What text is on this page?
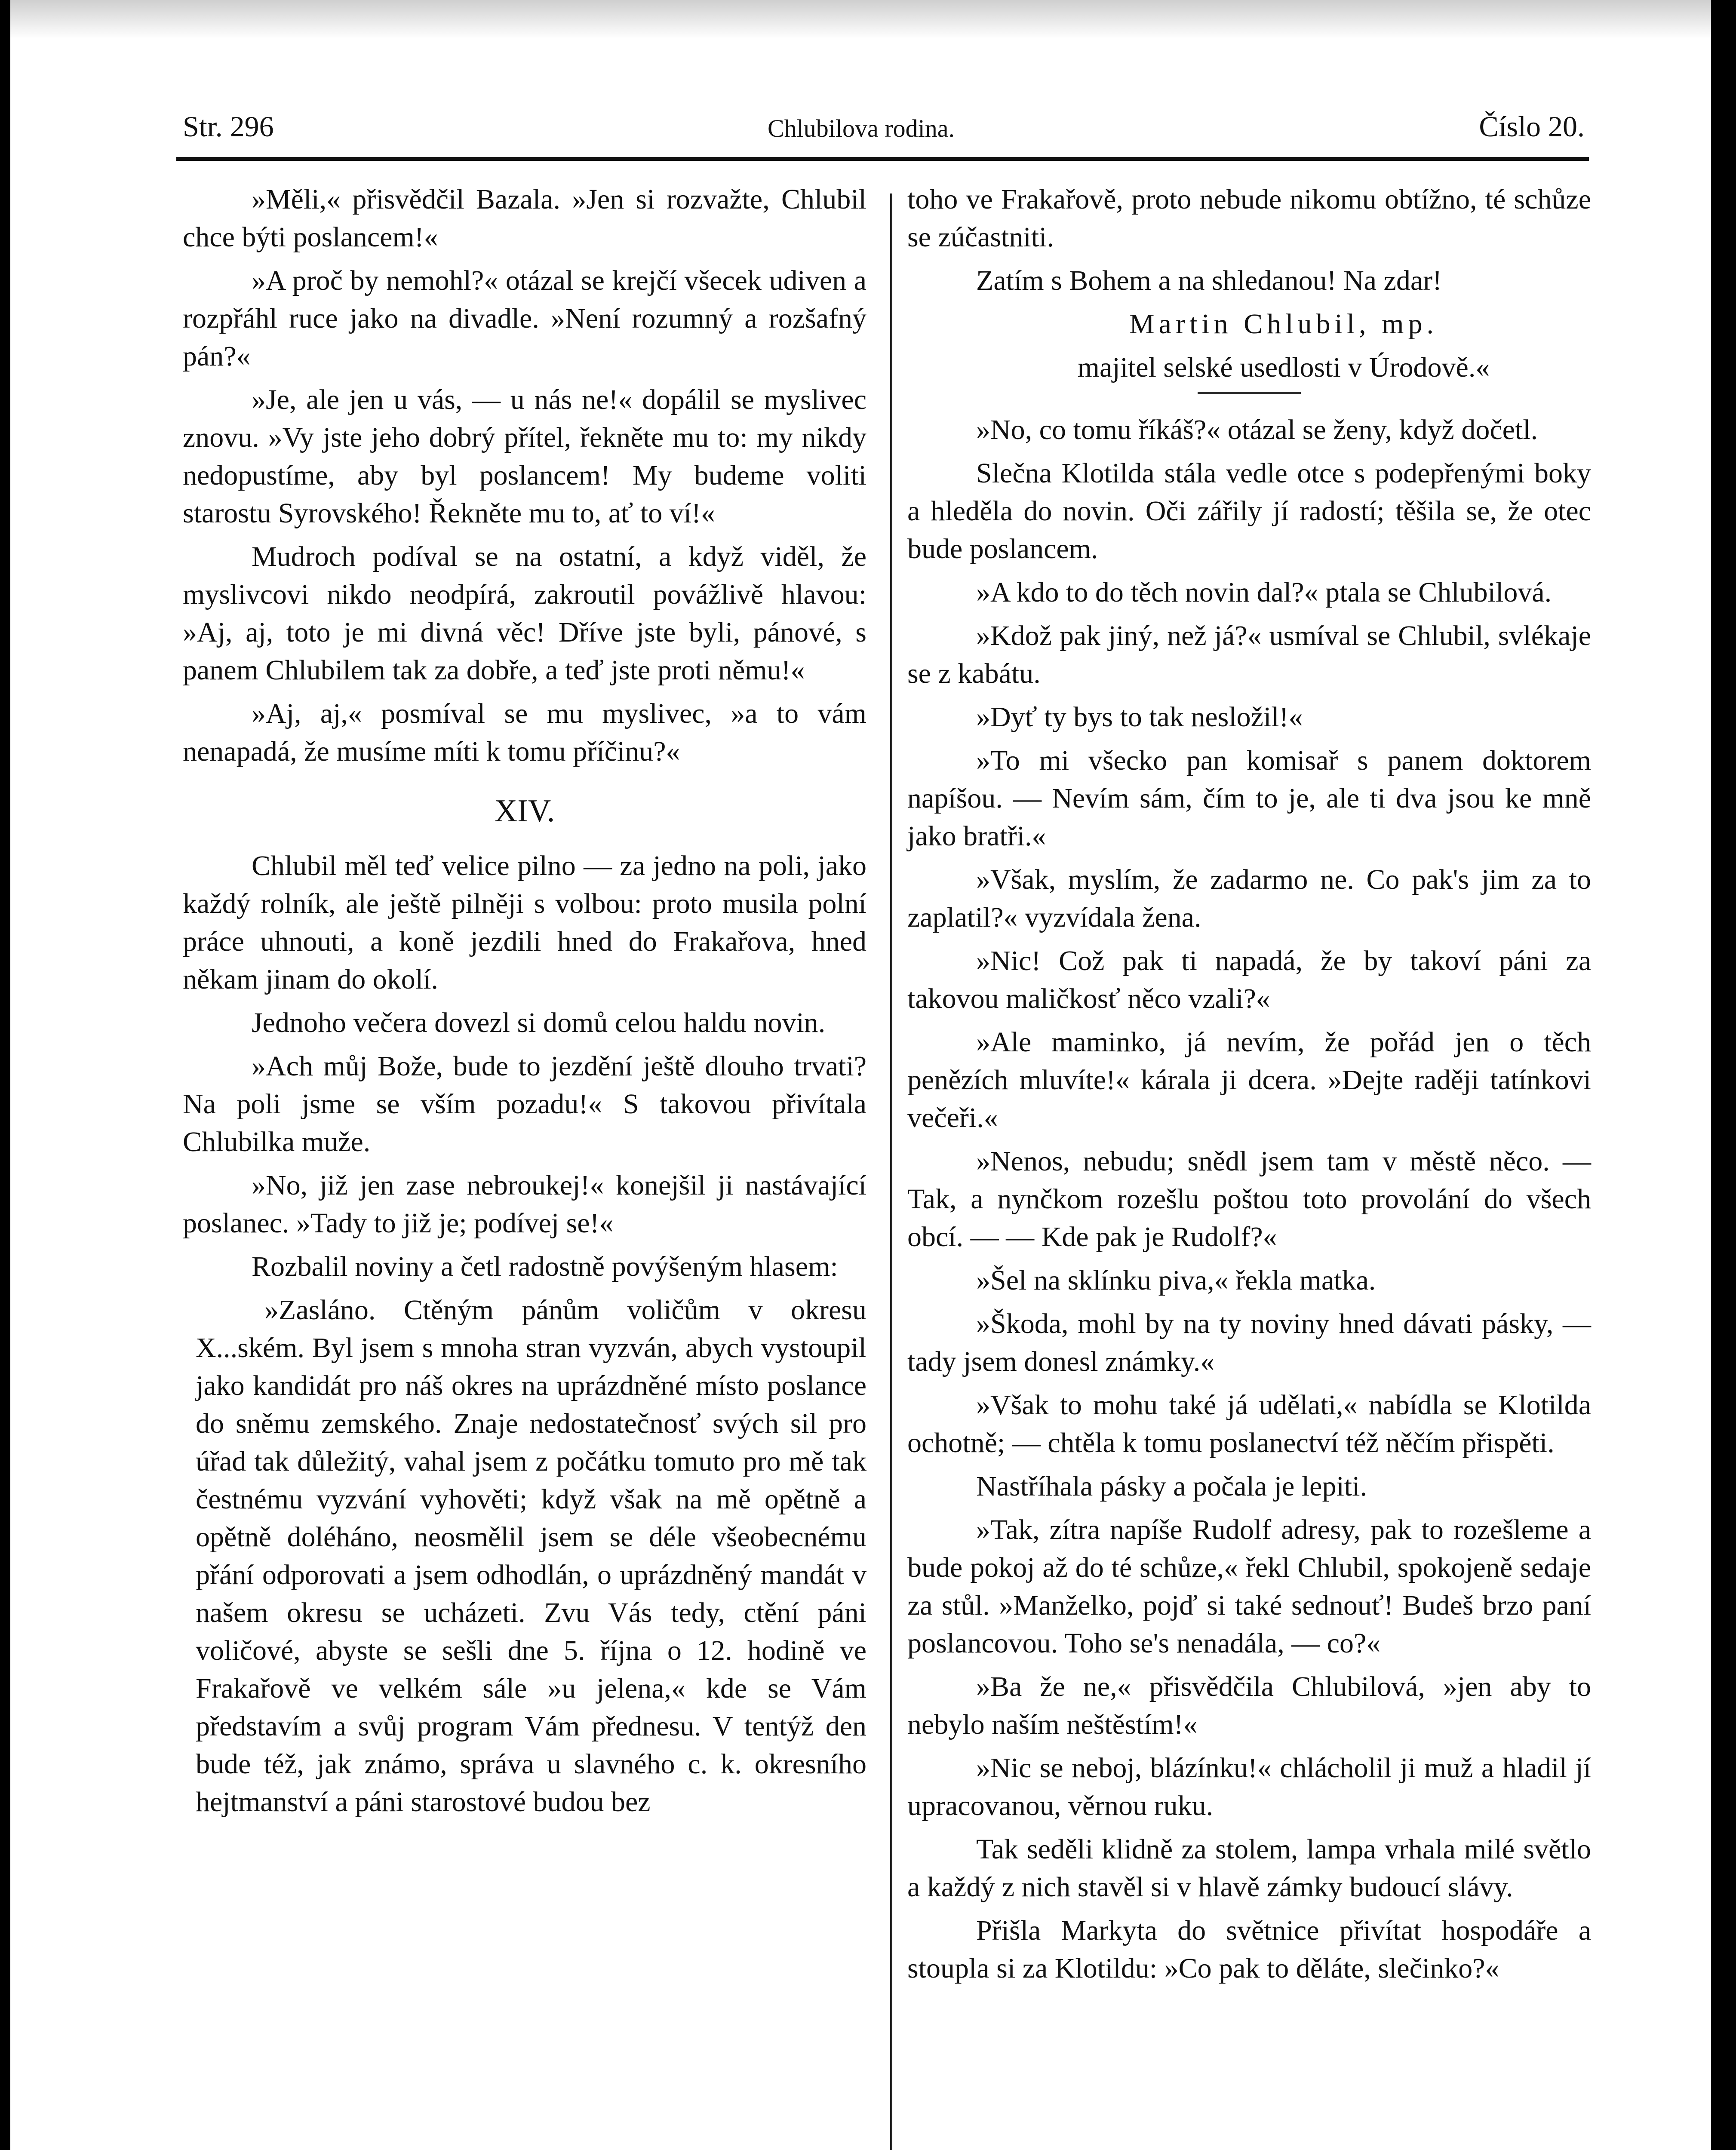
Str. 296	Chlubilova rodina.	Číslo 20.

»Měli,« přisvědčil Bazala. »Jen si rozvažte, Chlubil chce býti poslancem!«

»A proč by nemohl?« otázal se krejčí všecek udiven a rozpřáhl ruce jako na divadle. »Není rozumný a rozšafný pán?«

»Je, ale jen u vás, — u nás ne!« dopálil se myslivec znovu. »Vy jste jeho dobrý přítel, řekněte mu to: my nikdy nedopustíme, aby byl poslancem! My budeme voliti starostu Syrovského! Řekněte mu to, ať to ví!«

Mudroch podíval se na ostatní, a když viděl, že myslivcovi nikdo neodpírá, zakroutil povážlivě hlavou: »Aj, aj, toto je mi divná věc! Dříve jste byli, pánové, s panem Chlubilem tak za dobře, a teď jste proti němu!«

»Aj, aj,« posmíval se mu myslivec, »a to vám nenapadá, že musíme míti k tomu příčinu?«

XIV.

Chlubil měl teď velice pilno — za jedno na poli, jako každý rolník, ale ještě pilněji s volbou: proto musila polní práce uhnouti, a koně jezdili hned do Frakařova, hned někam jinam do okolí.

Jednoho večera dovezl si domů celou haldu novin.

»Ach můj Bože, bude to jezdění ještě dlouho trvati? Na poli jsme se vším pozadu!« S takovou přivítala Chlubilka muže.

»No, již jen zase nebroukej!« konejšil ji nastávající poslanec. »Tady to již je; podívej se!«

Rozbalil noviny a četl radostně povýšeným hlasem:

»Zasláno. Ctěným pánům voličům v okresu X...ském. Byl jsem s mnoha stran vyzván, abych vystoupil jako kandidát pro náš okres na uprázdněné místo poslance do sněmu zemského. Znaje nedostatečnosť svých sil pro úřad tak důležitý, vahal jsem z počátku tomuto pro mě tak čestnému vyzvání vyhověti; když však na mě opětně a opětně doléháno, neosmělil jsem se déle všeobecnému přání odporovati a jsem odhodlán, o uprázdněný mandát v našem okresu se ucházeti. Zvu Vás tedy, ctění páni voličové, abyste se sešli dne 5. října o 12. hodině ve Frakařově ve velkém sále »u jelena,« kde se Vám představím a svůj program Vám přednesu. V tentýž den bude též, jak známo, správa u slavného c. k. okresního hejtmanství a páni starostové budou bez

toho ve Frakařově, proto nebude nikomu obtížno, té schůze se zúčastniti.

Zatím s Bohem a na shledanou! Na zdar!

Martin Chlubil, mp.

majitel selské usedlosti v Úrodově.«

»No, co tomu říkáš?« otázal se ženy, když dočetl.

Slečna Klotilda stála vedle otce s podepřenými boky a hleděla do novin. Oči zářily jí radostí; těšila se, že otec bude poslancem.

»A kdo to do těch novin dal?« ptala se Chlubilová.

»Kdož pak jiný, než já?« usmíval se Chlubil, svlékaje se z kabátu.

»Dyť ty bys to tak nesložil!«

»To mi všecko pan komisař s panem doktorem napíšou. — Nevím sám, čím to je, ale ti dva jsou ke mně jako bratři.«

»Však, myslím, že zadarmo ne. Co pak's jim za to zaplatil?« vyzvídala žena.

»Nic! Což pak ti napadá, že by takoví páni za takovou maličkosť něco vzali?«

»Ale maminko, já nevím, že pořád jen o těch penězích mluvíte!« kárala ji dcera. »Dejte raději tatínkovi večeři.«

»Nenos, nebudu; snědl jsem tam v městě něco. — Tak, a nynčkom rozešlu poštou toto provolání do všech obcí. — — Kde pak je Rudolf?«

»Šel na sklínku piva,« řekla matka.

»Škoda, mohl by na ty noviny hned dávati pásky, — tady jsem donesl známky.«

»Však to mohu také já udělati,« nabídla se Klotilda ochotně; — chtěla k tomu poslanectví též něčím přispěti.

Nastříhala pásky a počala je lepiti.

»Tak, zítra napíše Rudolf adresy, pak to rozešleme a bude pokoj až do té schůze,« řekl Chlubil, spokojeně sedaje za stůl. »Manželko, pojď si také sednouť! Budeš brzo paní poslancovou. Toho se's nenadála, — co?«

»Ba že ne,« přisvědčila Chlubilová, »jen aby to nebylo naším neštěstím!«

»Nic se neboj, blázínku!« chlácholil ji muž a hladil jí upracovanou, věrnou ruku.

Tak seděli klidně za stolem, lampa vrhala milé světlo a každý z nich stavěl si v hlavě zámky budoucí slávy.

Přišla Markyta do světnice přivítat hospodáře a stoupla si za Klotildu: »Co pak to děláte, slečinko?«
